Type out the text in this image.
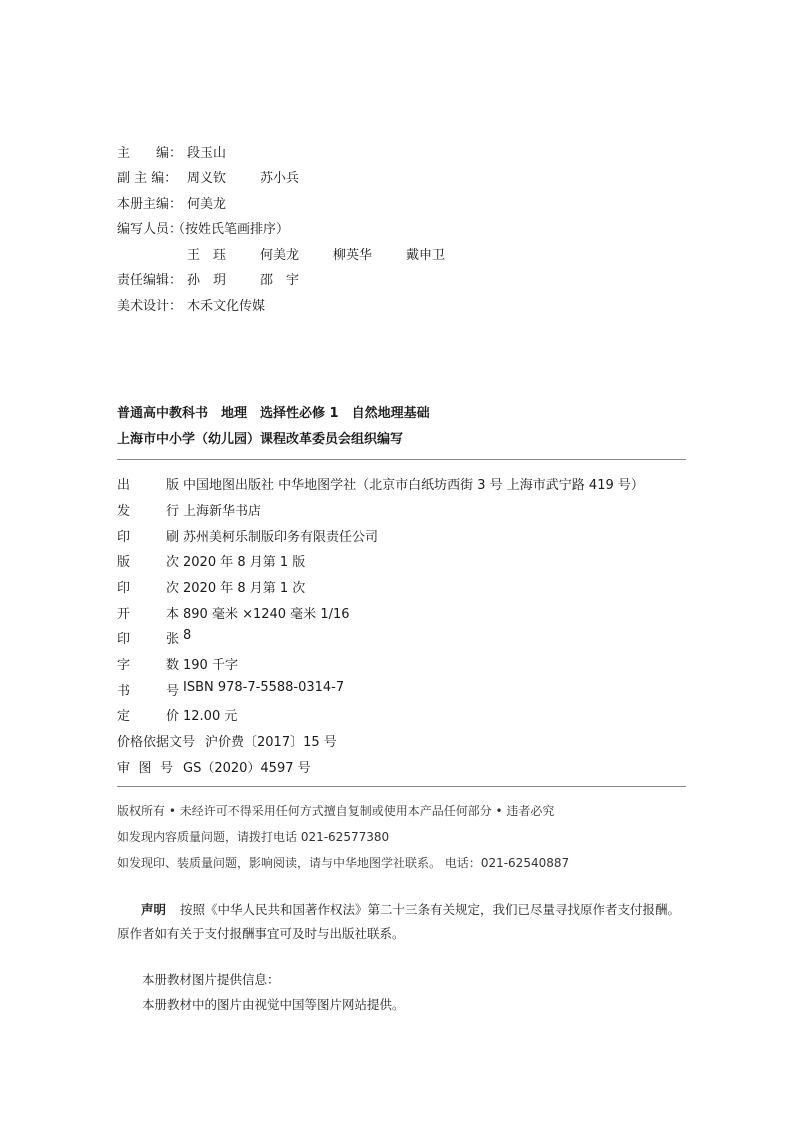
主　　编： 段玉山
副 主 编： 周义钦	苏小兵
本册主编： 何美龙
编写人员：
（按姓氏笔画排序）
王　珏	何美龙	柳英华	戴申卫
责任编辑： 孙　玥	邵　宇
美术设计： 木禾文化传媒
普通高中教科书　地理　选择性必修 1　自然地理基础
上海市中小学（幼儿园）课程改革委员会组织编写
出版 中国地图出版社 中华地图学社（北京市白纸坊西街 3 号 上海市武宁路 419 号）
发行 上海新华书店
印刷 苏州美柯乐制版印务有限责任公司
版次 2020 年 8 月第 1 版
印次 2020 年 8 月第 1 次
开本 890 毫米 ×1240 毫米 1/16
印张 8
字数 190 千字
书号 ISBN 978-7-5588-0314-7
定价 12.00 元
价格依据文号 沪价费〔2017〕15 号
审图号 GS（2020）4597 号
版权所有 • 未经许可不得采用任何方式擅自复制或使用本产品任何部分 • 违者必究
如发现内容质量问题，请拨打电话 021-62577380
如发现印、装质量问题，影响阅读，请与中华地图学社联系。 电话：021-62540887
声明 按照《中华人民共和国著作权法》第二十三条有关规定，我们已尽量寻找原作者支付报酬。原作者如有关于支付报酬事宜可及时与出版社联系。
本册教材图片提供信息：
本册教材中的图片由视觉中国等图片网站提供。
